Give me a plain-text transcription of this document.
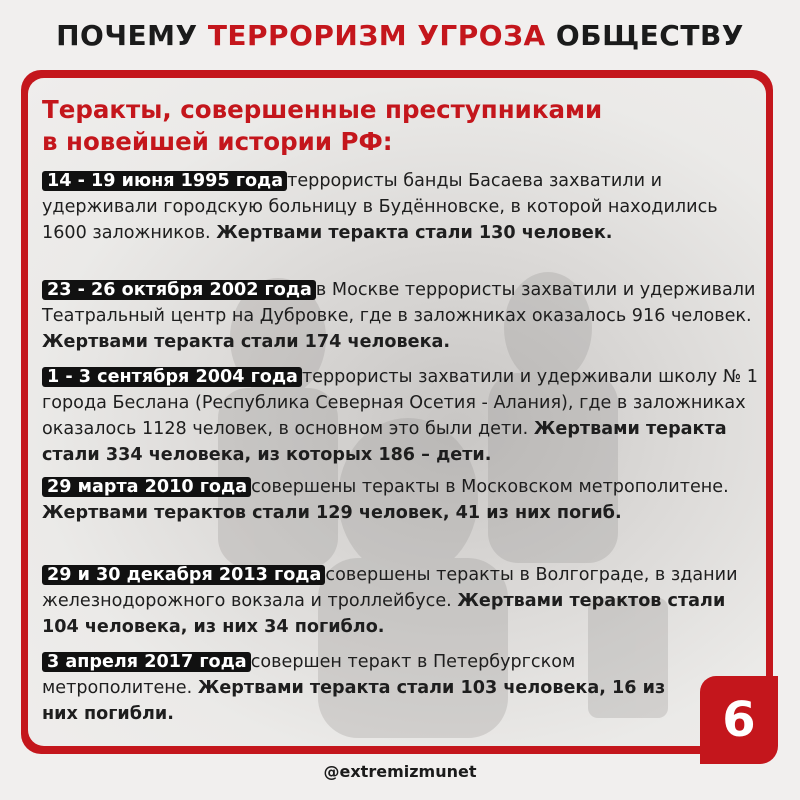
ПОЧЕМУ ТЕРРОРИЗМ УГРОЗА ОБЩЕСТВУ
Теракты, совершенные преступниками
в новейшей истории РФ:
14 - 19 июня 1995 года террористы банды Басаева захватили и удерживали городскую больницу в Будённовске, в которой находились 1600 заложников. Жертвами теракта стали 130 человек.
23 - 26 октября 2002 года в Москве террористы захватили и удерживали Театральный центр на Дубровке, где в заложниках оказалось 916 человек. Жертвами теракта стали 174 человека.
1 - 3 сентября 2004 года террористы захватили и удерживали школу № 1 города Беслана (Республика Северная Осетия - Алания), где в заложниках оказалось 1128 человек, в основном это были дети. Жертвами теракта стали 334 человека, из которых 186 – дети.
29 марта 2010 года совершены теракты в Московском метрополитене. Жертвами терактов стали 129 человек, 41 из них погиб.
29 и 30 декабря 2013 года совершены теракты в Волгограде, в здании железнодорожного вокзала и троллейбусе. Жертвами терактов стали 104 человека, из них 34 погибло.
3 апреля 2017 года совершен теракт в Петербургском метрополитене. Жертвами теракта стали 103 человека, 16 из них погибли.	6
@extremizmunet
